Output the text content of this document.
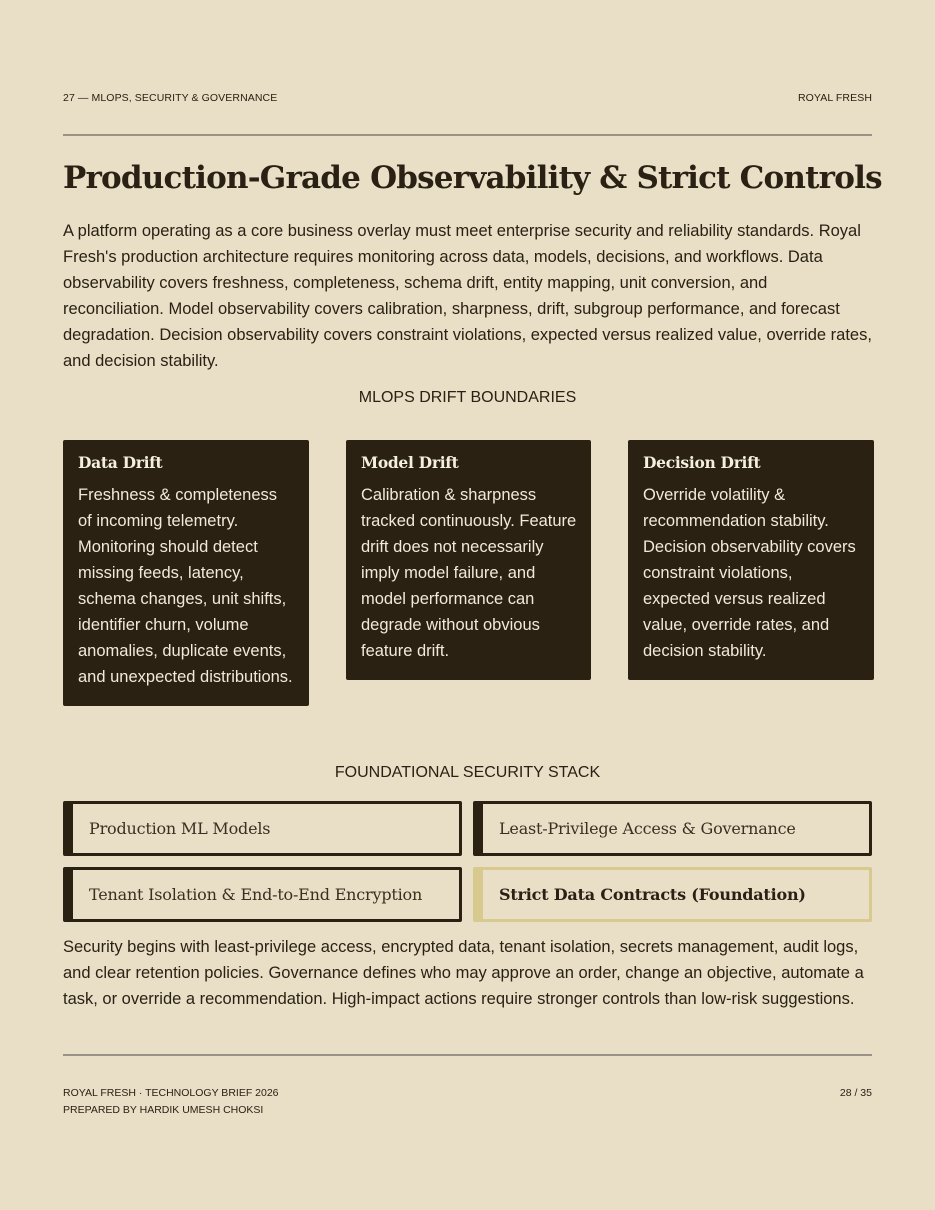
27 — MLOPS, SECURITY & GOVERNANCE	ROYAL FRESH
Production-Grade Observability & Strict Controls

A platform operating as a core business overlay must meet enterprise security and reliability standards. Royal Fresh's production architecture requires monitoring across data, models, decisions, and workflows. Data observability covers freshness, completeness, schema drift, entity mapping, unit conversion, and reconciliation. Model observability covers calibration, sharpness, drift, subgroup performance, and forecast degradation. Decision observability covers constraint violations, expected versus realized value, override rates, and decision stability.

MLOPS DRIFT BOUNDARIES
Data Drift

Freshness & completeness of incoming telemetry. Monitoring should detect missing feeds, latency, schema changes, unit shifts, identifier churn, volume anomalies, duplicate events, and unexpected distributions.

Model Drift

Calibration & sharpness tracked continuously. Feature drift does not necessarily imply model failure, and model performance can degrade without obvious feature drift.

Decision Drift

Override volatility & recommendation stability. Decision observability covers constraint violations, expected versus realized value, override rates, and decision stability.

FOUNDATIONAL SECURITY STACK
Production ML Models	Least-Privilege Access & Governance
Tenant Isolation & End-to-End Encryption	Strict Data Contracts (Foundation)

Security begins with least-privilege access, encrypted data, tenant isolation, secrets management, audit logs, and clear retention policies. Governance defines who may approve an order, change an objective, automate a task, or override a recommendation. High-impact actions require stronger controls than low-risk suggestions.

ROYAL FRESH · TECHNOLOGY BRIEF 2026
PREPARED BY HARDIK UMESH CHOKSI
28 / 35
